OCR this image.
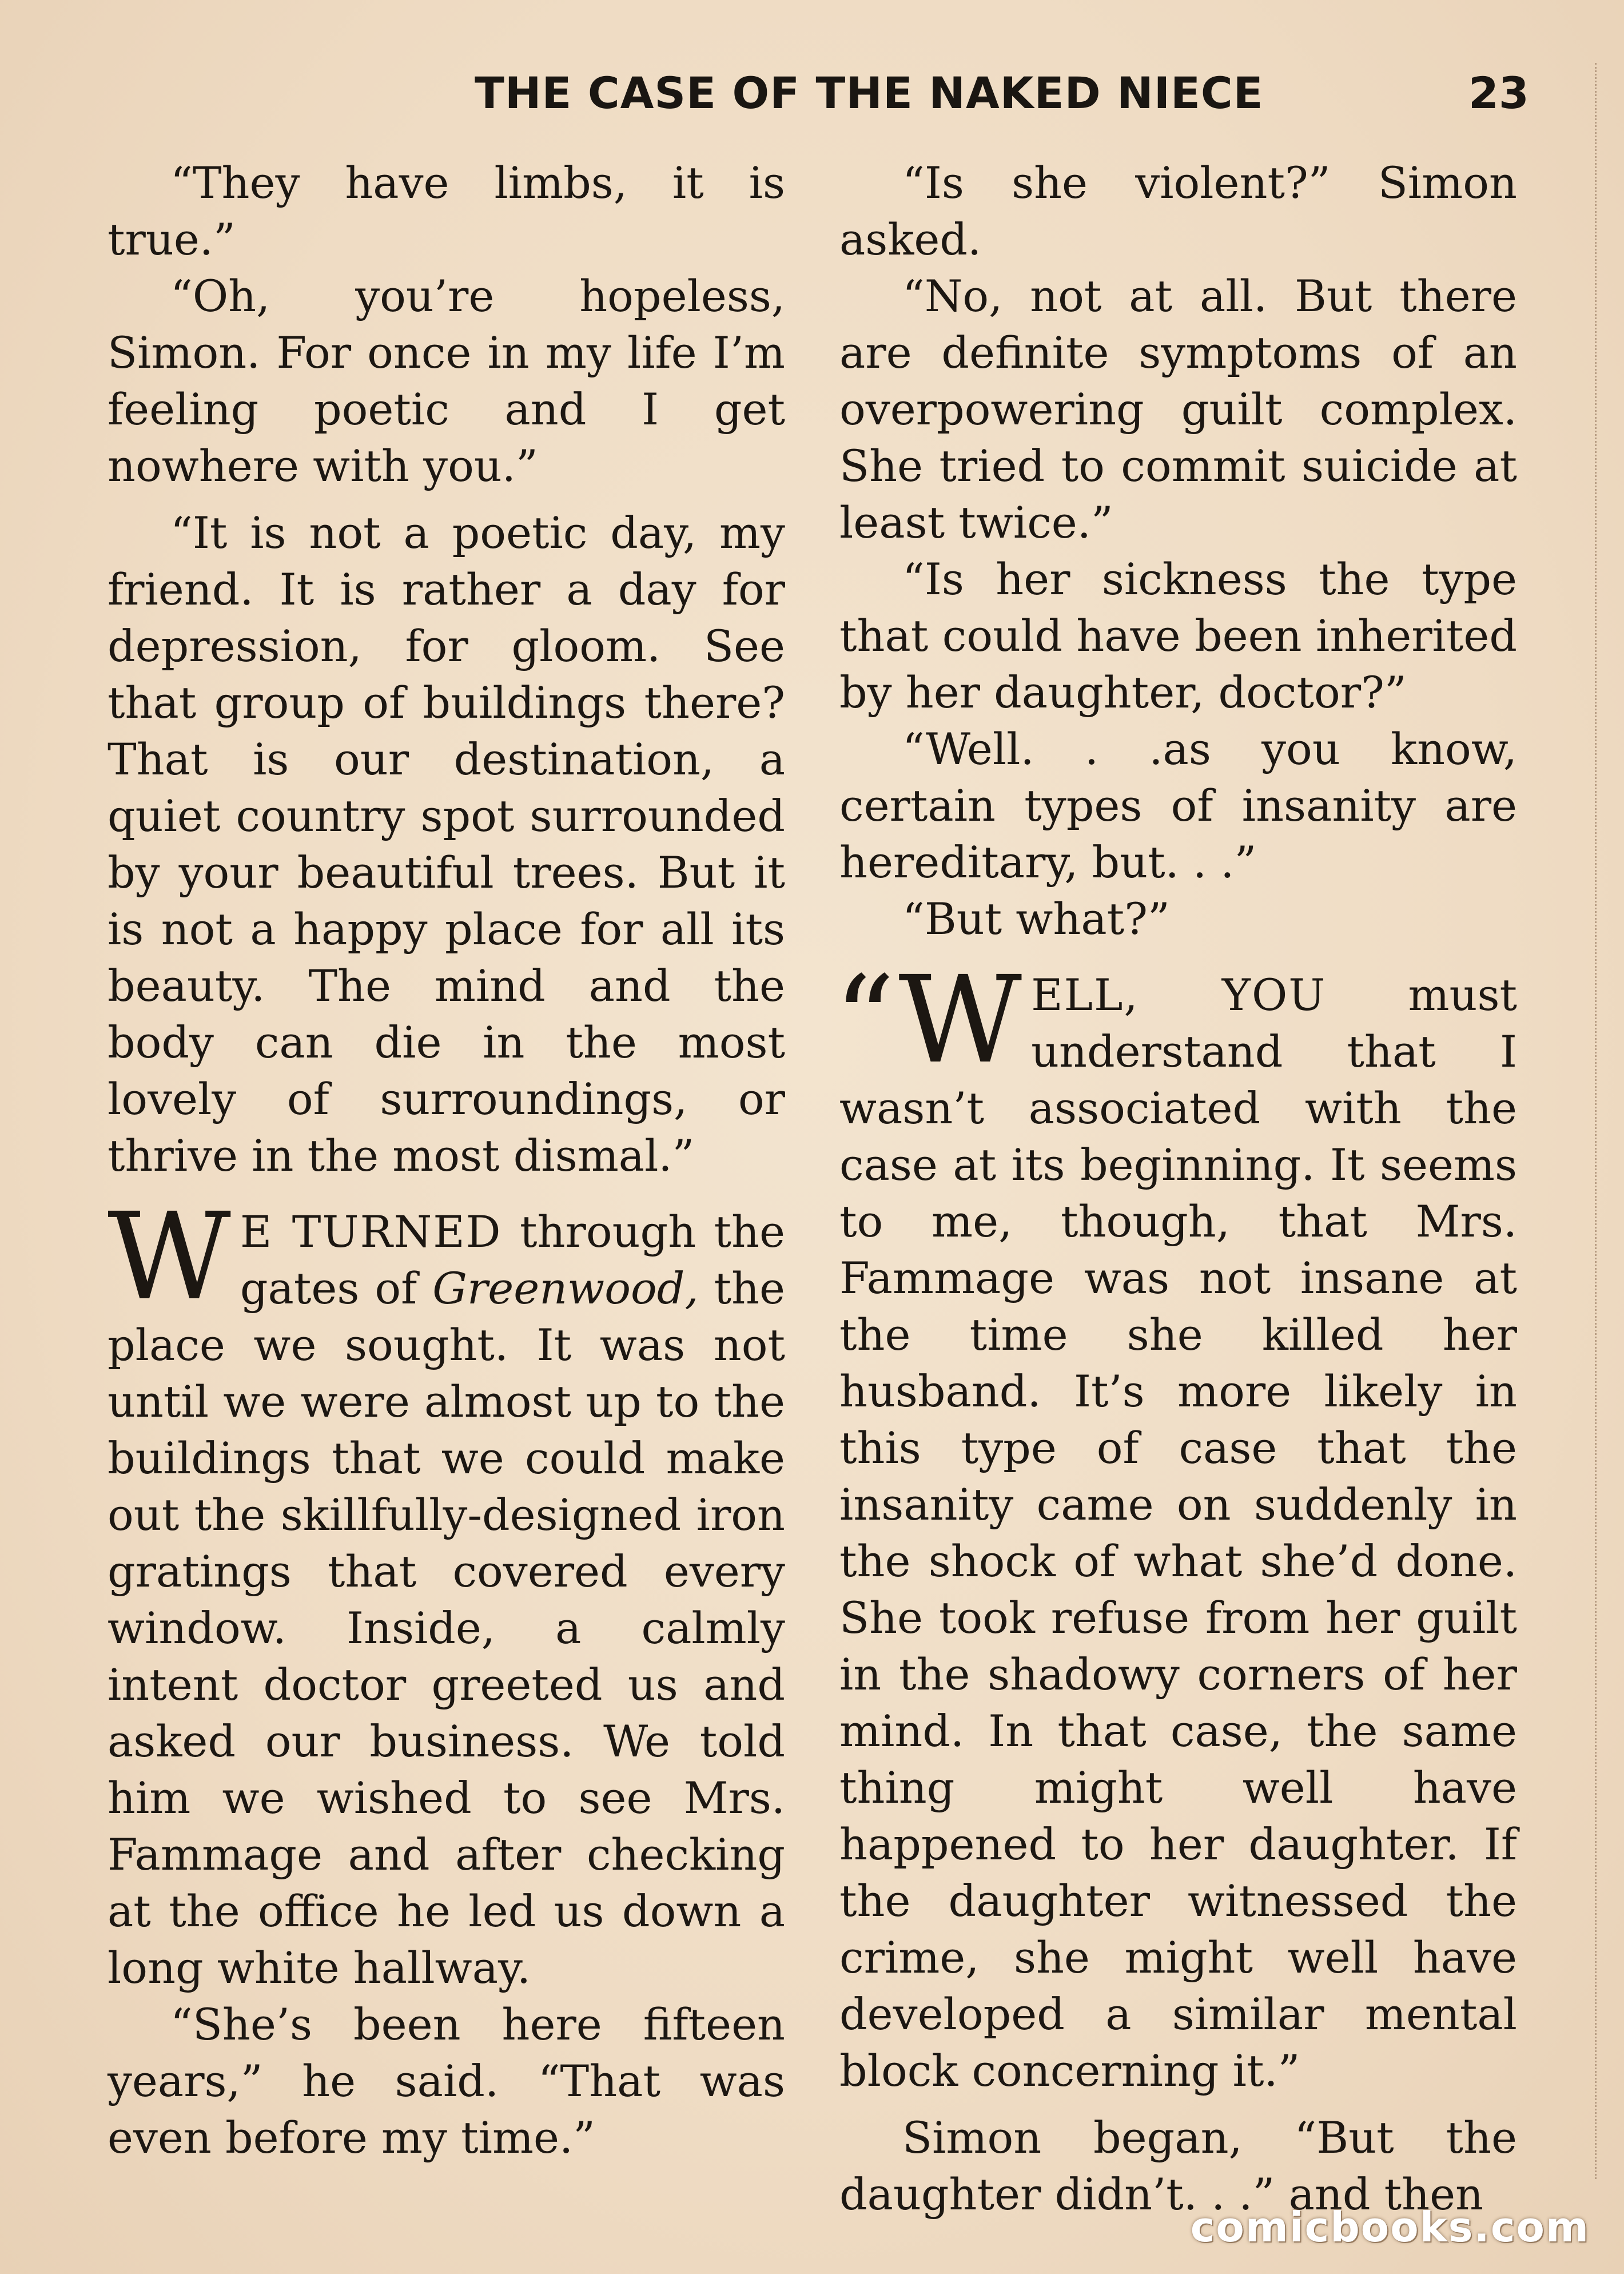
THE CASE OF THE NAKED NIECE	23

“They have limbs, it is true.”

“Oh, you’re hopeless, Simon. For once in my life I’m feeling poetic and I get nowhere with you.”

“It is not a poetic day, my friend. It is rather a day for depression, for gloom. See that group of buildings there? That is our destination, a quiet country spot surrounded by your beautiful trees. But it is not a happy place for all its beauty. The mind and the body can die in the most lovely of surroundings, or thrive in the most dismal.”

W E TURNED through the gates of Greenwood, the place we sought. It was not until we were almost up to the buildings that we could make out the skillfully-designed iron gratings that covered every window. Inside, a calmly intent doctor greeted us and asked our business. We told him we wished to see Mrs. Fammage and after checking at the office he led us down a long white hallway.

“She’s been here fifteen years,” he said. “That was even before my time.”

“Is she violent?” Simon asked.

“No, not at all. But there are definite symptoms of an overpowering guilt complex. She tried to commit suicide at least twice.”

“Is her sickness the type that could have been inherited by her daughter, doctor?”

“Well. . .as you know, certain types of insanity are hereditary, but. . .”

“But what?”

“WELL, YOU must understand that I wasn’t associated with the case at its beginning. It seems to me, though, that Mrs. Fammage was not insane at the time she killed her husband. It’s more likely in this type of case that the insanity came on suddenly in the shock of what she’d done. She took refuse from her guilt in the shadowy corners of her mind. In that case, the same thing might well have happened to her daughter. If the daughter witnessed the crime, she might well have developed a similar mental block concerning it.”

Simon began, “But the daughter didn’t. . .” and then

comicbooks.com
